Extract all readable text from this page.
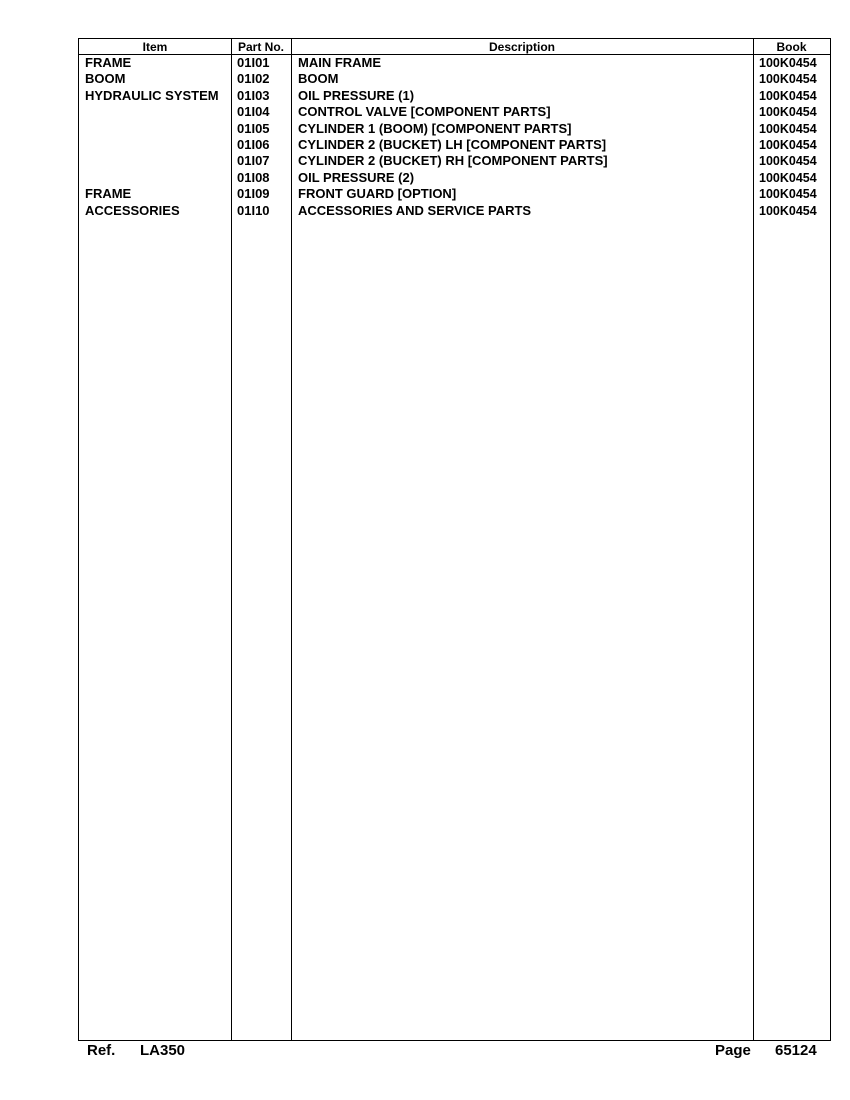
Item	Part No.	Description	Book
FRAME	01I01 MAIN FRAME	100K0454
BOOM	01I02 BOOM	100K0454
HYDRAULIC SYSTEM 01I03 OIL PRESSURE (1)	100K0454
01I04 CONTROL VALVE [COMPONENT PARTS]	100K0454
01I05 CYLINDER 1 (BOOM) [COMPONENT PARTS]	100K0454
01I06 CYLINDER 2 (BUCKET) LH [COMPONENT PARTS]	100K0454
01I07 CYLINDER 2 (BUCKET) RH [COMPONENT PARTS]	100K0454
01I08 OIL PRESSURE (2)	100K0454
FRAME	01I09 FRONT GUARD [OPTION]	100K0454
ACCESSORIES	01I10 ACCESSORIES AND SERVICE PARTS	100K0454
Ref. LA350	Page 65124
